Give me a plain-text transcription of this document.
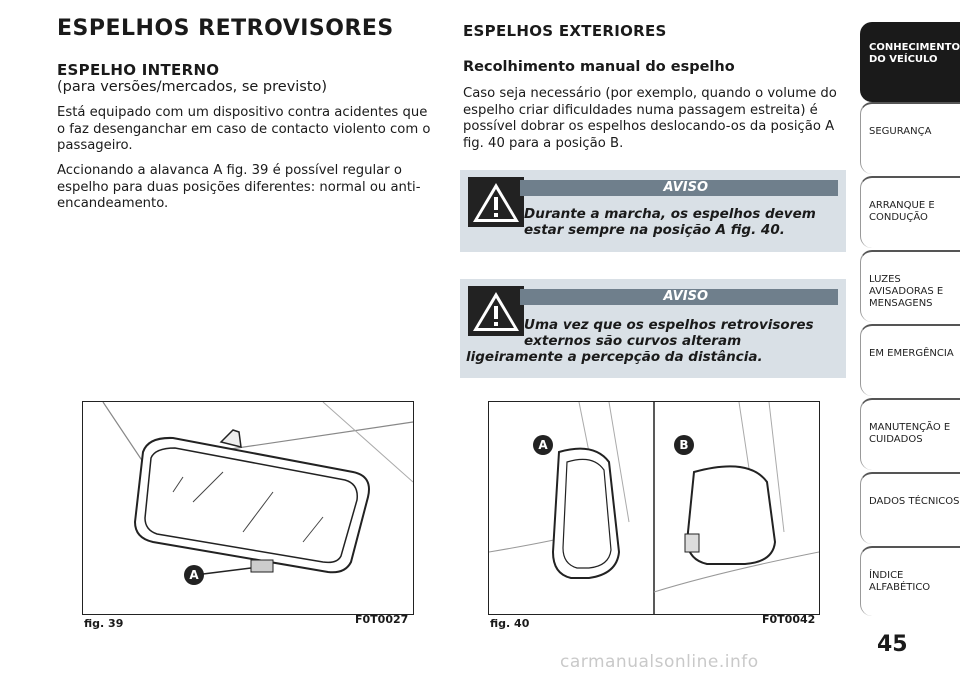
ESPELHOS RETROVISORES
ESPELHO INTERNO
(para versões/mercados, se previsto)
Está equipado com um dispositivo contra acidentes que o faz desenganchar em caso de contacto violento com o passageiro.
Accionando a alavanca A fig. 39 é possível regular o espelho para duas posições diferentes: normal ou anti-encandeamento.
ESPELHOS EXTERIORES
Recolhimento manual do espelho
Caso seja necessário (por exemplo, quando o volume do espelho criar dificuldades numa passagem estreita) é possível dobrar os espelhos deslocando-os da posição A fig. 40 para a posição B.
AVISO
Durante a marcha, os espelhos devem estar sempre na posição A fig. 40.
AVISO
Uma vez que os espelhos retrovisores externos são curvos alteram
ligeiramente a percepção da distância.
A
fig. 39	F0T0027
A	B
fig. 40	F0T0042
CONHECIMENTO DO VEÍCULO
SEGURANÇA
ARRANQUE E CONDUÇÃO
LUZES AVISADORAS E MENSAGENS
EM EMERGÊNCIA
MANUTENÇÃO E CUIDADOS
DADOS TÉCNICOS
ÍNDICE ALFABÉTICO
45
carmanualsonline.info
